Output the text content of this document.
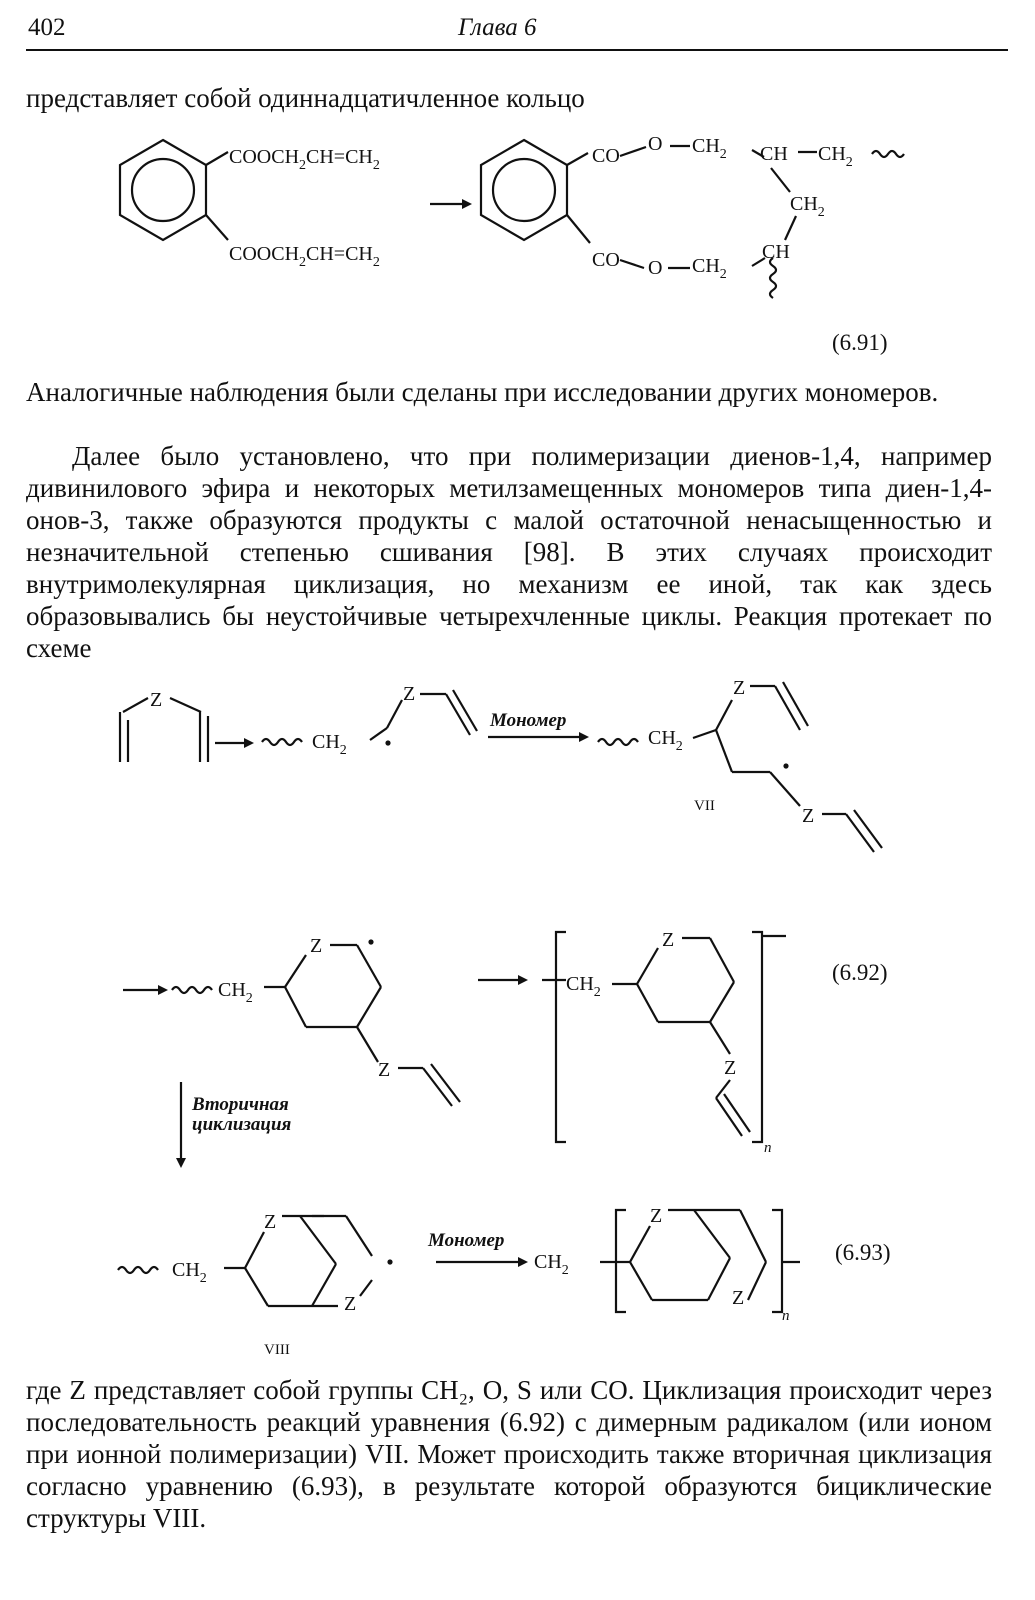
402	Глава 6

представляет собой одиннадцатичленное кольцо

Аналогичные наблюдения были сделаны при исследовании других мономеров.

Далее было установлено, что при полимеризации диенов-1,4, например дивинилового эфира и некоторых метилзамещенных мономеров типа диен-1,4-онов-3, также образуются продукты с малой остаточной ненасыщенностью и незначительной степенью сшивания [98]. В этих случаях происходит внутримолекулярная циклизация, но механизм ее иной, так как здесь образовывались бы неустойчивые четырехчленные циклы. Реакция протекает по схеме

где Z представляет собой группы CH₂, O, S или CO. Циклизация происходит через последовательность реакций уравнения (6.92) с димерным радикалом (или ионом при ионной полимеризации) VII. Может происходить также вторичная циклизация согласно уравнению (6.93), в результате которой образуются бициклические структуры VIII.

(6.91)
(6.92)
(6.93)
$COOCH_2CH=CH_2$
$COOCH_2CH=CH_2$
CO
O $CH_2$ CH $CH_2$
$CH_2$
CO O $CH_2$
CH
Z
$CH_2$
Z
Мономер
$CH_2$
Z
Z
VII
$CH_2$
Z
Z
$CH_2$
Z
Z
n
Вторичная
циклизация
$CH_2$
Z
Z
VIII
Мономер
$CH_2$
Z
Z
n
